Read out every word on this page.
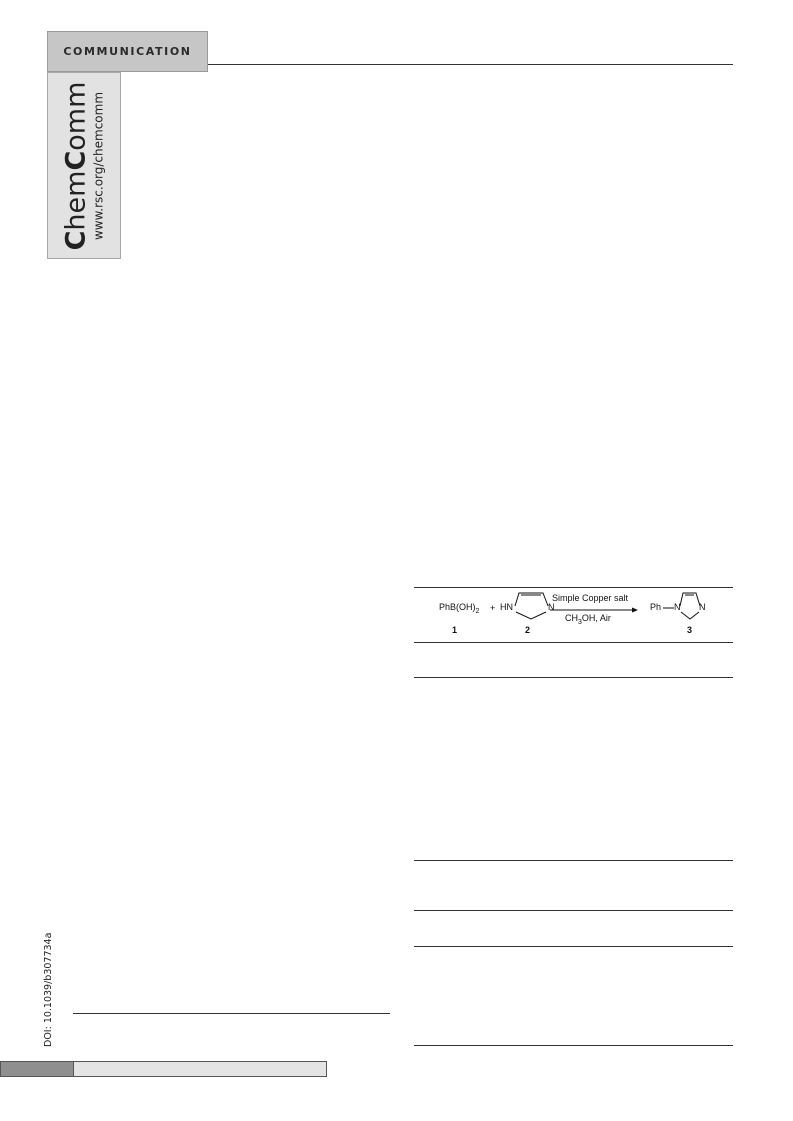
COMMUNICATION
ChemComm www.rsc.org/chemcomm
DOI: 10.1039/b307734a
$PhB(OH)_2$ + HN	N
Simple Copper salt
$CH_3OH$, Air
Ph N N
1	2	3
